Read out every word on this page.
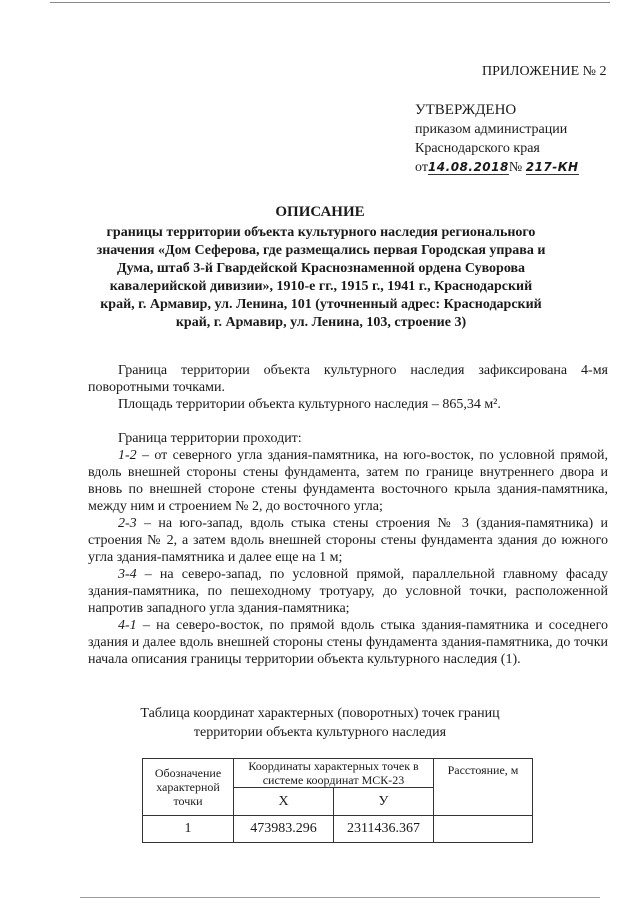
ПРИЛОЖЕНИЕ № 2
УТВЕРЖДЕНО
приказом администрации
Краснодарского края
от14.08.2018№ 217-КН
ОПИСАНИЕ
границы территории объекта культурного наследия регионального значения «Дом Сеферова, где размещались первая Городская управа и Дума, штаб 3-й Гвардейской Краснознаменной ордена Суворова кавалерийской дивизии», 1910-е гг., 1915 г., 1941 г., Краснодарский край, г. Армавир, ул. Ленина, 101 (уточненный адрес: Краснодарский край, г. Армавир, ул. Ленина, 103, строение 3)

Граница территории объекта культурного наследия зафиксирована 4-мя поворотными точками.

Площадь территории объекта культурного наследия – 865,34 м².

Граница территории проходит:

1-2 – от северного угла здания-памятника, на юго-восток, по условной прямой, вдоль внешней стороны стены фундамента, затем по границе внутреннего двора и вновь по внешней стороне стены фундамента восточного крыла здания-памятника, между ним и строением № 2, до восточного угла;

2-3 – на юго-запад, вдоль стыка стены строения № 3 (здания-памятника) и строения № 2, а затем вдоль внешней стороны стены фундамента здания до южного угла здания-памятника и далее еще на 1 м;

3-4 – на северо-запад, по условной прямой, параллельной главному фасаду здания-памятника, по пешеходному тротуару, до условной точки, расположенной напротив западного угла здания-памятника;

4-1 – на северо-восток, по прямой вдоль стыка здания-памятника и соседнего здания и далее вдоль внешней стороны стены фундамента здания-памятника, до точки начала описания границы территории объекта культурного наследия (1).

Таблица координат характерных (поворотных) точек границ территории объекта культурного наследия
Обозначение характерной точки	Координаты характерных точек в системе координат МСК-23		Расстояние, м
	X	У	
1	473983.296	2311436.367	
